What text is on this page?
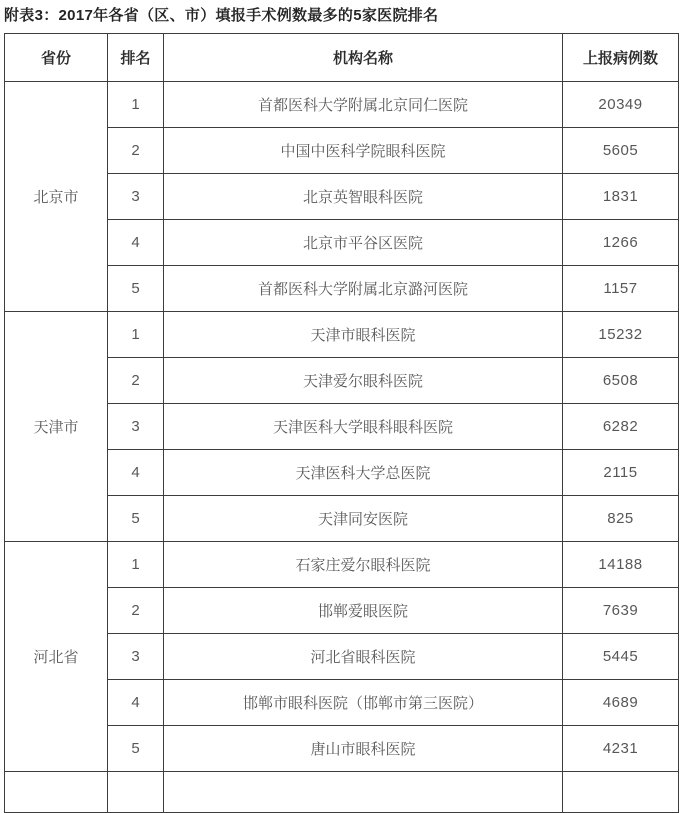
附表3：2017年各省（区、市）填报手术例数最多的5家医院排名
省份	排名	机构名称	上报病例数
北京市	1	首都医科大学附属北京同仁医院	20349
	2	中国中医科学院眼科医院	5605
	3	北京英智眼科医院	1831
	4	北京市平谷区医院	1266
	5	首都医科大学附属北京潞河医院	1157
天津市	1	天津市眼科医院	15232
	2	天津爱尔眼科医院	6508
	3	天津医科大学眼科眼科医院	6282
	4	天津医科大学总医院	2115
	5	天津同安医院	825
河北省	1	石家庄爱尔眼科医院	14188
	2	邯郸爱眼医院	7639
	3	河北省眼科医院	5445
	4	邯郸市眼科医院（邯郸市第三医院）	4689
	5	唐山市眼科医院	4231
